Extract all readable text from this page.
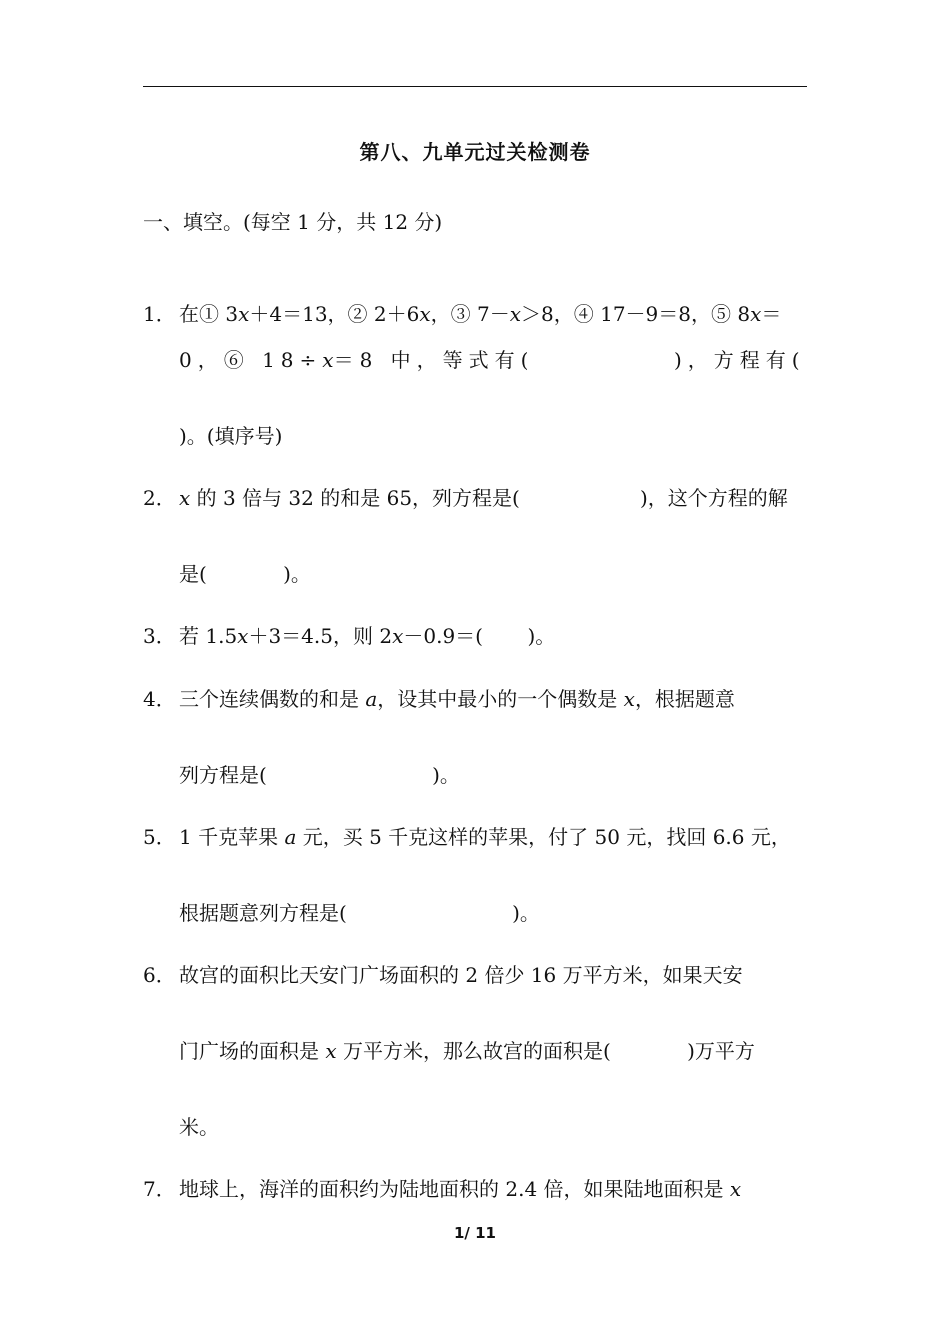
第八、九单元过关检测卷
一、填空。(每空 1 分，共 12 分)
1． 在① 3x＋4＝13，② 2＋6x，③ 7－x＞8，④ 17－9＝8，⑤ 8x＝
0，⑥ 18÷x＝8 中，等式有(	)，方程有(
)。(填序号)
2． x 的 3 倍与 32 的和是 65，列方程是(	)，这个方程的解
是(            )。
3． 若 1.5x＋3＝4.5，则 2x－0.9＝(       )。
4． 三个连续偶数的和是 a，设其中最小的一个偶数是 x，根据题意
列方程是(                          )。
5． 1 千克苹果 a 元，买 5 千克这样的苹果，付了 50 元，找回 6.6 元，
根据题意列方程是(                          )。
6． 故宫的面积比天安门广场面积的 2 倍少 16 万平方米，如果天安
门广场的面积是 x 万平方米，那么故宫的面积是(            )万平方
米。
7． 地球上，海洋的面积约为陆地面积的 2.4 倍，如果陆地面积是 x
1/ 11
